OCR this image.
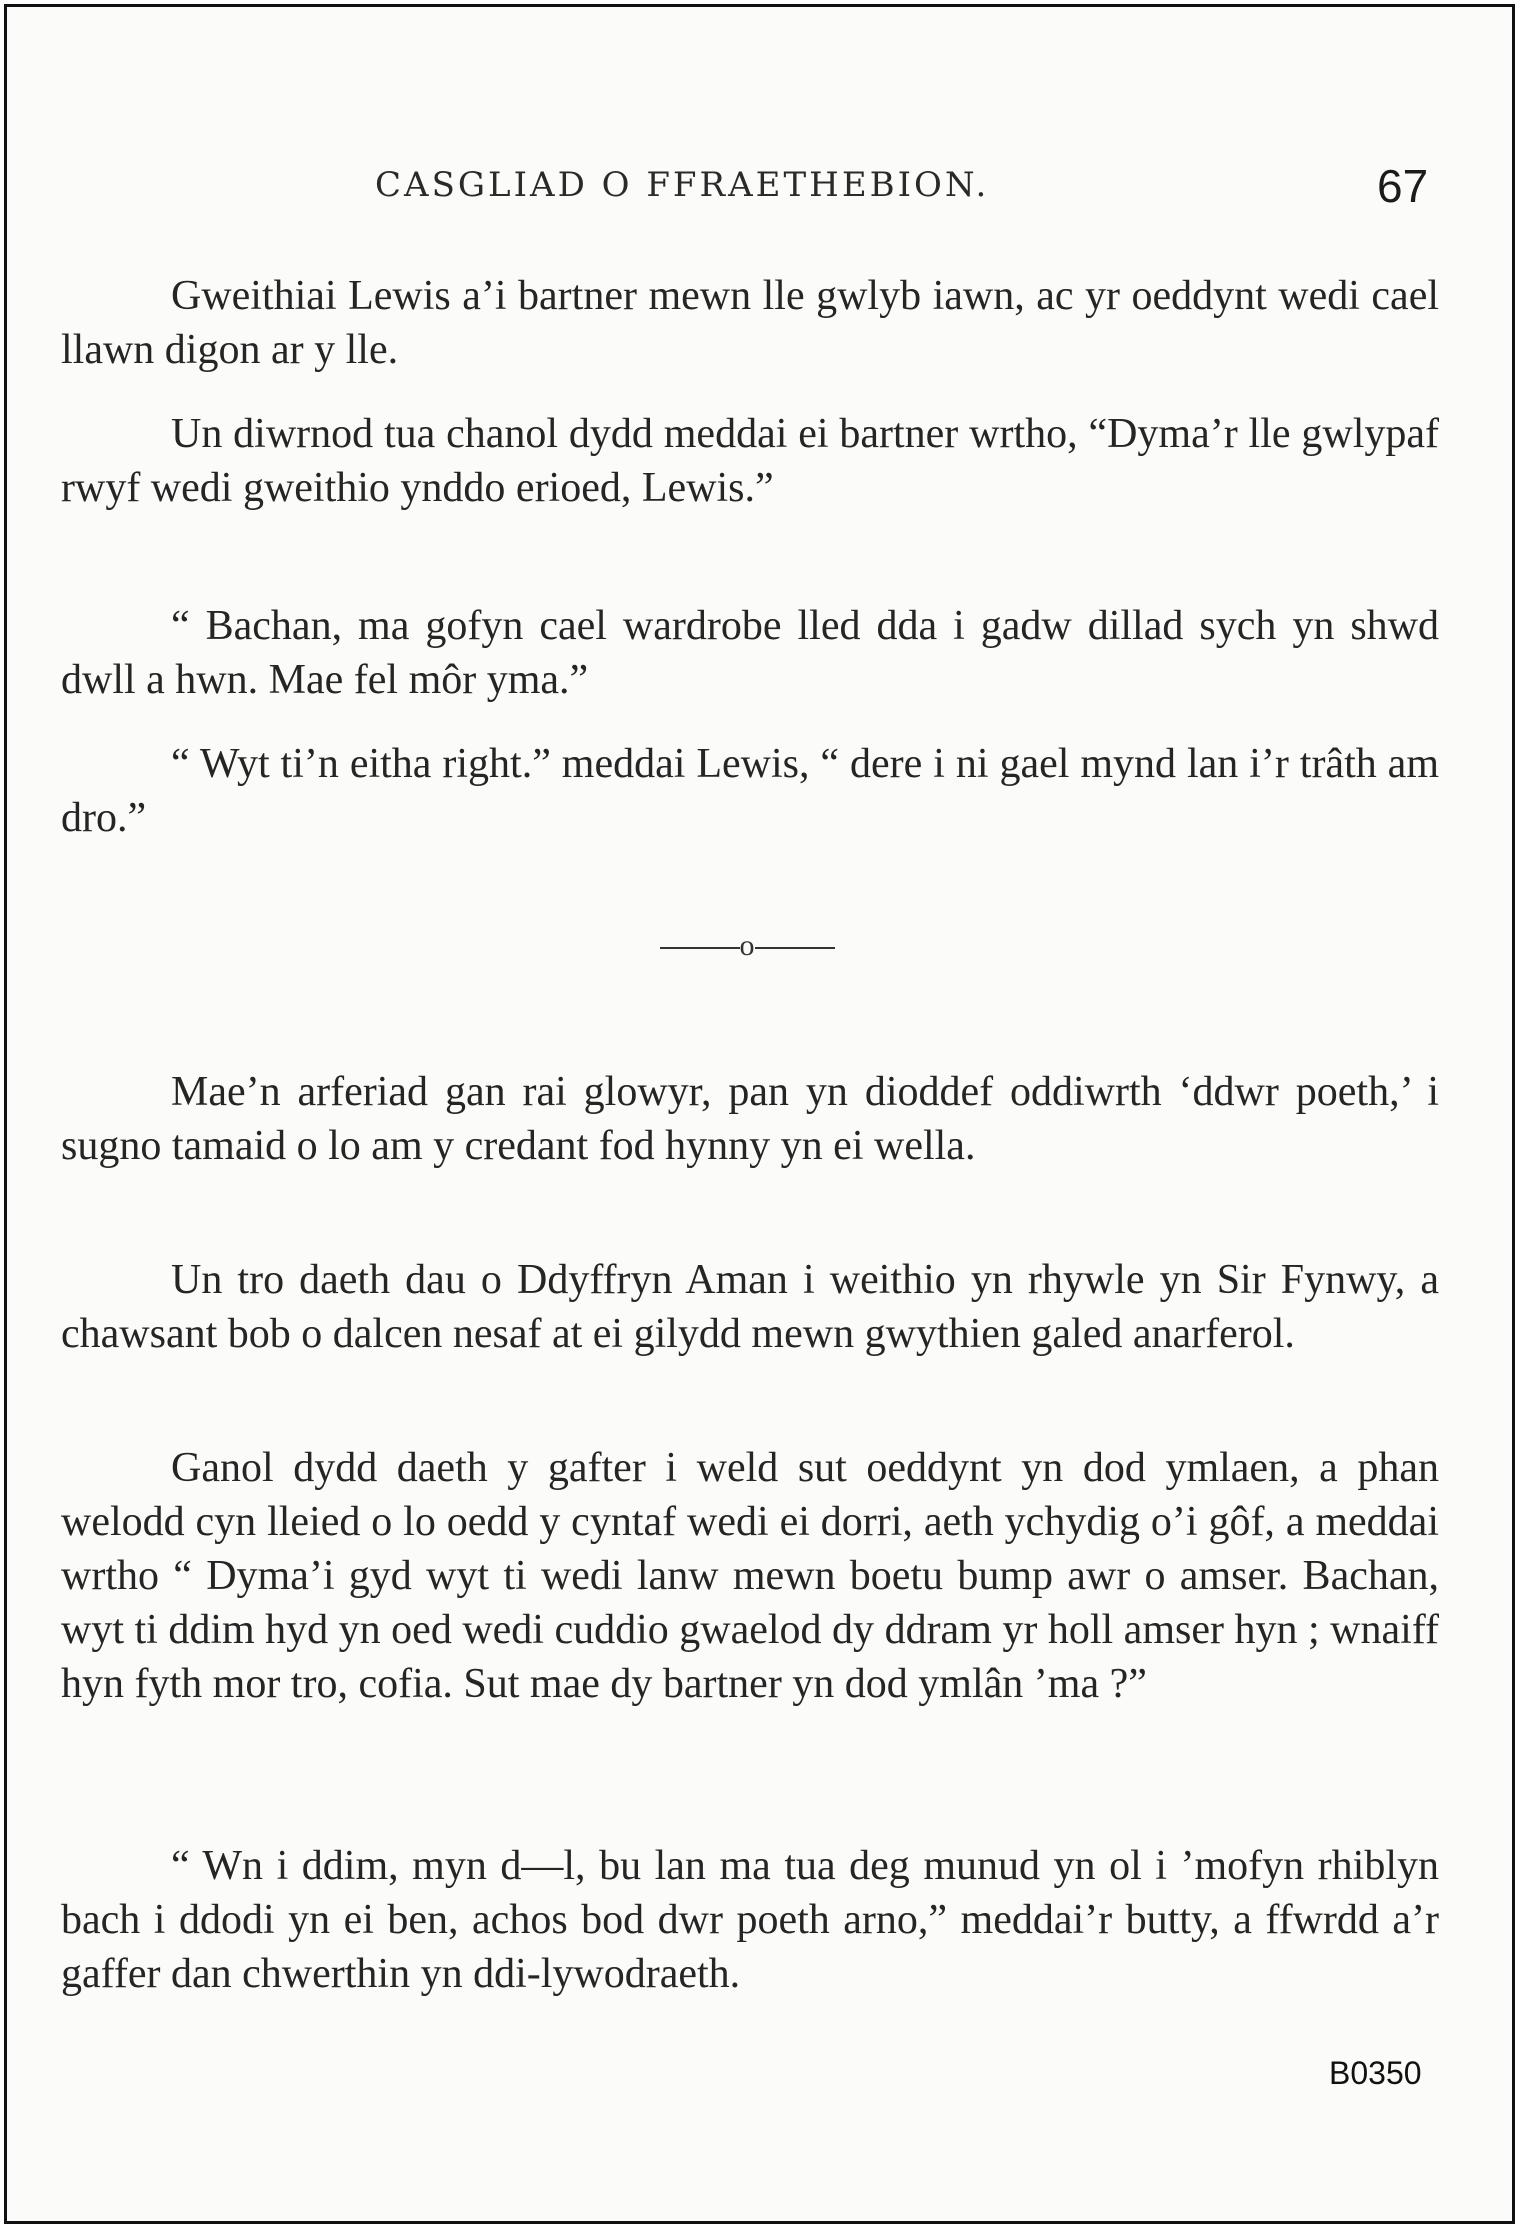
CASGLIAD O FFRAETHEBION.	67

Gweithiai Lewis a’i bartner mewn lle gwlyb iawn, ac yr oeddynt wedi cael llawn digon ar y lle.

Un diwrnod tua chanol dydd meddai ei bartner wrtho, “Dyma’r lle gwlypaf rwyf wedi gweithio ynddo erioed, Lewis.”

“ Bachan, ma gofyn cael wardrobe lled dda i gadw dillad sych yn shwd dwll a hwn. Mae fel môr yma.”

“ Wyt ti’n eitha right.” meddai Lewis, “ dere i ni gael mynd lan i’r trâth am dro.”

o

Mae’n arferiad gan rai glowyr, pan yn dioddef oddiwrth ‘ddwr poeth,’ i sugno tamaid o lo am y credant fod hynny yn ei wella.

Un tro daeth dau o Ddyffryn Aman i weithio yn rhywle yn Sir Fynwy, a chawsant bob o dalcen nesaf at ei gilydd mewn gwythien galed anarferol.

Ganol dydd daeth y gafter i weld sut oeddynt yn dod ymlaen, a phan welodd cyn lleied o lo oedd y cyntaf wedi ei dorri, aeth ychydig o’i gôf, a meddai wrtho “ Dyma’i gyd wyt ti wedi lanw mewn boetu bump awr o amser. Bachan, wyt ti ddim hyd yn oed wedi cuddio gwaelod dy ddram yr holl amser hyn ; wnaiff hyn fyth mor tro, cofia. Sut mae dy bartner yn dod ymlân ’ma ?”

“ Wn i ddim, myn d—l, bu lan ma tua deg munud yn ol i ’mofyn rhiblyn bach i ddodi yn ei ben, achos bod dwr poeth arno,” meddai’r butty, a ffwrdd a’r gaffer dan chwerthin yn ddi-lywodraeth.

B0350
